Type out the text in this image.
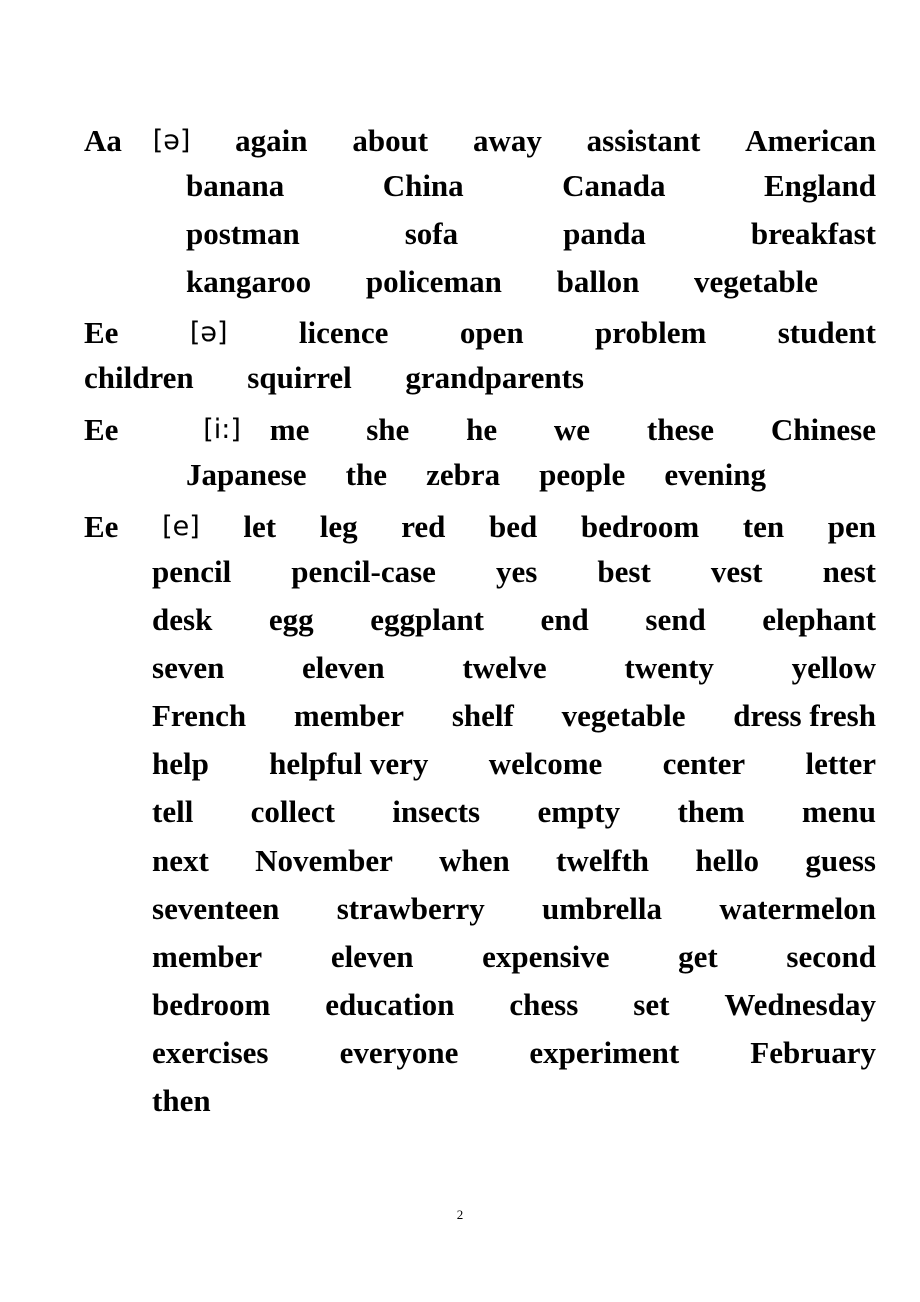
Aa [ə] again about away assistant American
banana	China	Canada	England
postman	sofa	panda	breakfast
kangaroo policeman ballon vegetable
Ee	[ə] licence open problem student
children squirrel grandparents
Ee	[i:] me she he we these Chinese
Japanese the zebra people evening
Ee [e] let leg red bed bedroom ten pen
pencil pencil-case yes best vest nest
desk egg eggplant end send elephant
seven	eleven	twelve	twenty	yellow
French member shelf vegetable dress fresh
help helpful very welcome center letter
tell collect insects empty them menu
next November when twelfth hello guess
seventeen strawberry umbrella watermelon
member eleven expensive get second
bedroom education chess set Wednesday
exercises everyone experiment February
then
2
